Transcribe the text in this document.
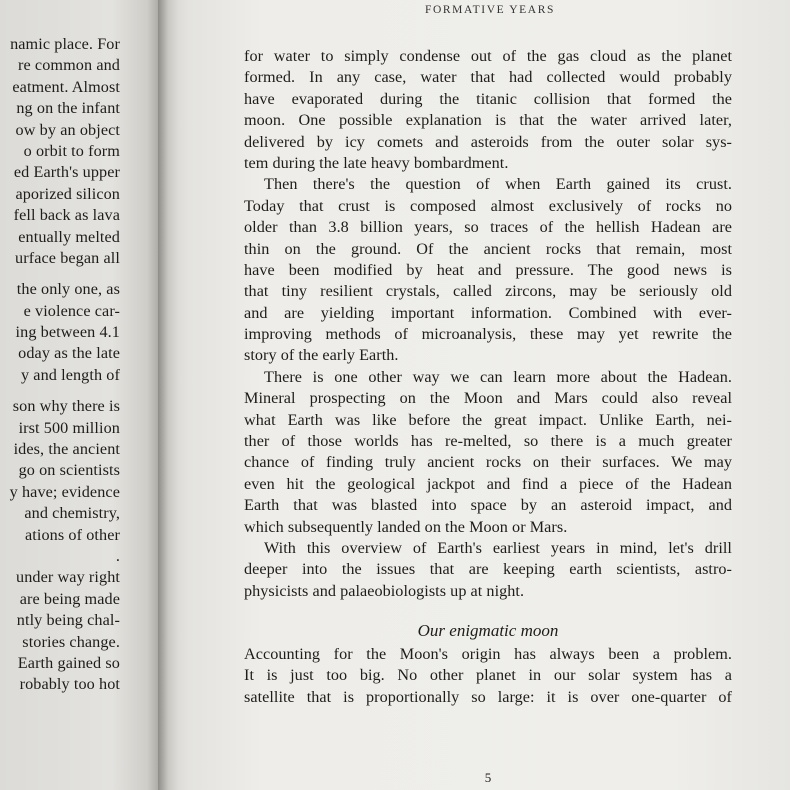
namic place. For
re common and
eatment. Almost
ng on the infant
ow by an object
o orbit to form
ed Earth's upper
aporized silicon
fell back as lava
entually melted
urface began all
the only one, as
e violence car-
ing between 4.1
oday as the late
y and length of
son why there is
irst 500 million
ides, the ancient
go on scientists
y have; evidence
and chemistry,
ations of other
.
under way right
are being made
ntly being chal-
stories change.
Earth gained so
robably too hot
FORMATIVE YEARS
for water to simply condense out of the gas cloud as the planet
formed. In any case, water that had collected would probably
have evaporated during the titanic collision that formed the
moon. One possible explanation is that the water arrived later,
delivered by icy comets and asteroids from the outer solar sys-
tem during the late heavy bombardment.
Then there's the question of when Earth gained its crust.
Today that crust is composed almost exclusively of rocks no
older than 3.8 billion years, so traces of the hellish Hadean are
thin on the ground. Of the ancient rocks that remain, most
have been modified by heat and pressure. The good news is
that tiny resilient crystals, called zircons, may be seriously old
and are yielding important information. Combined with ever-
improving methods of microanalysis, these may yet rewrite the
story of the early Earth.
There is one other way we can learn more about the Hadean.
Mineral prospecting on the Moon and Mars could also reveal
what Earth was like before the great impact. Unlike Earth, nei-
ther of those worlds has re-melted, so there is a much greater
chance of finding truly ancient rocks on their surfaces. We may
even hit the geological jackpot and find a piece of the Hadean
Earth that was blasted into space by an asteroid impact, and
which subsequently landed on the Moon or Mars.
With this overview of Earth's earliest years in mind, let's drill
deeper into the issues that are keeping earth scientists, astro-
physicists and palaeobiologists up at night.
Our enigmatic moon
Accounting for the Moon's origin has always been a problem.
It is just too big. No other planet in our solar system has a
satellite that is proportionally so large: it is over one-quarter of
5
